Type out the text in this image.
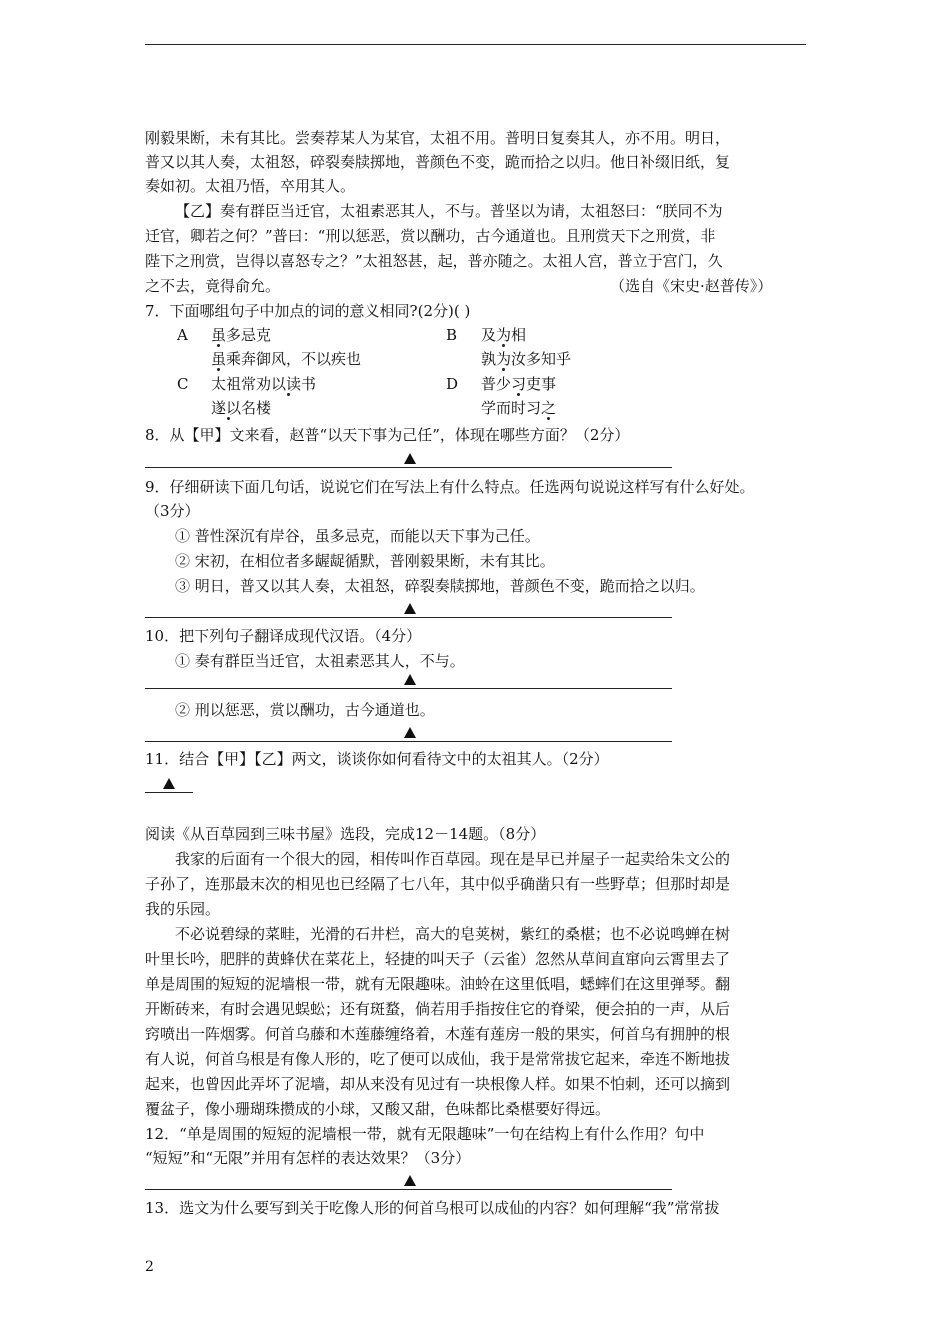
刚毅果断，未有其比。尝奏荐某人为某官，太祖不用。普明日复奏其人，亦不用。明日，
普又以其人奏，太祖怒，碎裂奏牍掷地，普颜色不变，跪而拾之以归。他日补缀旧纸，复
奏如初。太祖乃悟，卒用其人。
【乙】奏有群臣当迁官，太祖素恶其人，不与。普坚以为请，太祖怒曰：“朕同不为
迁官，卿若之何？”普曰：“刑以惩恶，赏以酬功，古今通道也。且刑赏天下之刑赏，非
陛下之刑赏，岂得以喜怒专之？”太祖怒甚，起，普亦随之。太祖人宫，普立于宫门，久
之不去，竟得俞允。	（选自《宋史·赵普传》）
7．下面哪组句子中加点的词的意义相同?(2分)( )
A 虽多忌克
虽乘奔御风，不以疾也
B 及为相
孰为汝多知乎
C 太祖常劝以读书
遂以名楼
D 普少习吏事
学而时习之
8．从【甲】文来看，赵普“以天下事为己任”，体现在哪些方面？（2分）
9．仔细研读下面几句话，说说它们在写法上有什么特点。任选两句说说这样写有什么好处。
（3分）
① 普性深沉有岸谷，虽多忌克，而能以天下事为己任。
② 宋初，在相位者多龌龊循默，普刚毅果断，未有其比。
③ 明日，普又以其人奏，太祖怒，碎裂奏牍掷地，普颜色不变，跪而拾之以归。
10．把下列句子翻译成现代汉语。（4分）
① 奏有群臣当迁官，太祖素恶其人，不与。
② 刑以惩恶，赏以酬功，古今通道也。
11．结合【甲】【乙】两文，谈谈你如何看待文中的太祖其人。（2分）
阅读《从百草园到三味书屋》选段，完成12－14题。（8分）
我家的后面有一个很大的园，相传叫作百草园。现在是早已并屋子一起卖给朱文公的
子孙了，连那最末次的相见也已经隔了七八年，其中似乎确凿只有一些野草；但那时却是
我的乐园。
不必说碧绿的菜畦，光滑的石井栏，高大的皂荚树，紫红的桑椹；也不必说鸣蝉在树
叶里长吟，肥胖的黄蜂伏在菜花上，轻捷的叫天子（云雀）忽然从草间直窜向云霄里去了
单是周围的短短的泥墙根一带，就有无限趣味。油蛉在这里低唱，蟋蟀们在这里弹琴。翻
开断砖来，有时会遇见蜈蚣；还有斑蝥，倘若用手指按住它的脊梁，便会拍的一声，从后
窍喷出一阵烟雾。何首乌藤和木莲藤缠络着，木莲有莲房一般的果实，何首乌有拥肿的根
有人说，何首乌根是有像人形的，吃了便可以成仙，我于是常常拔它起来，牵连不断地拔
起来，也曾因此弄坏了泥墙，却从来没有见过有一块根像人样。如果不怕刺，还可以摘到
覆盆子，像小珊瑚珠攒成的小球，又酸又甜，色味都比桑椹要好得远。
12．“单是周围的短短的泥墙根一带，就有无限趣味”一句在结构上有什么作用？句中
“短短”和“无限”并用有怎样的表达效果？（3分）
13．选文为什么要写到关于吃像人形的何首乌根可以成仙的内容？如何理解“我”常常拔
2
